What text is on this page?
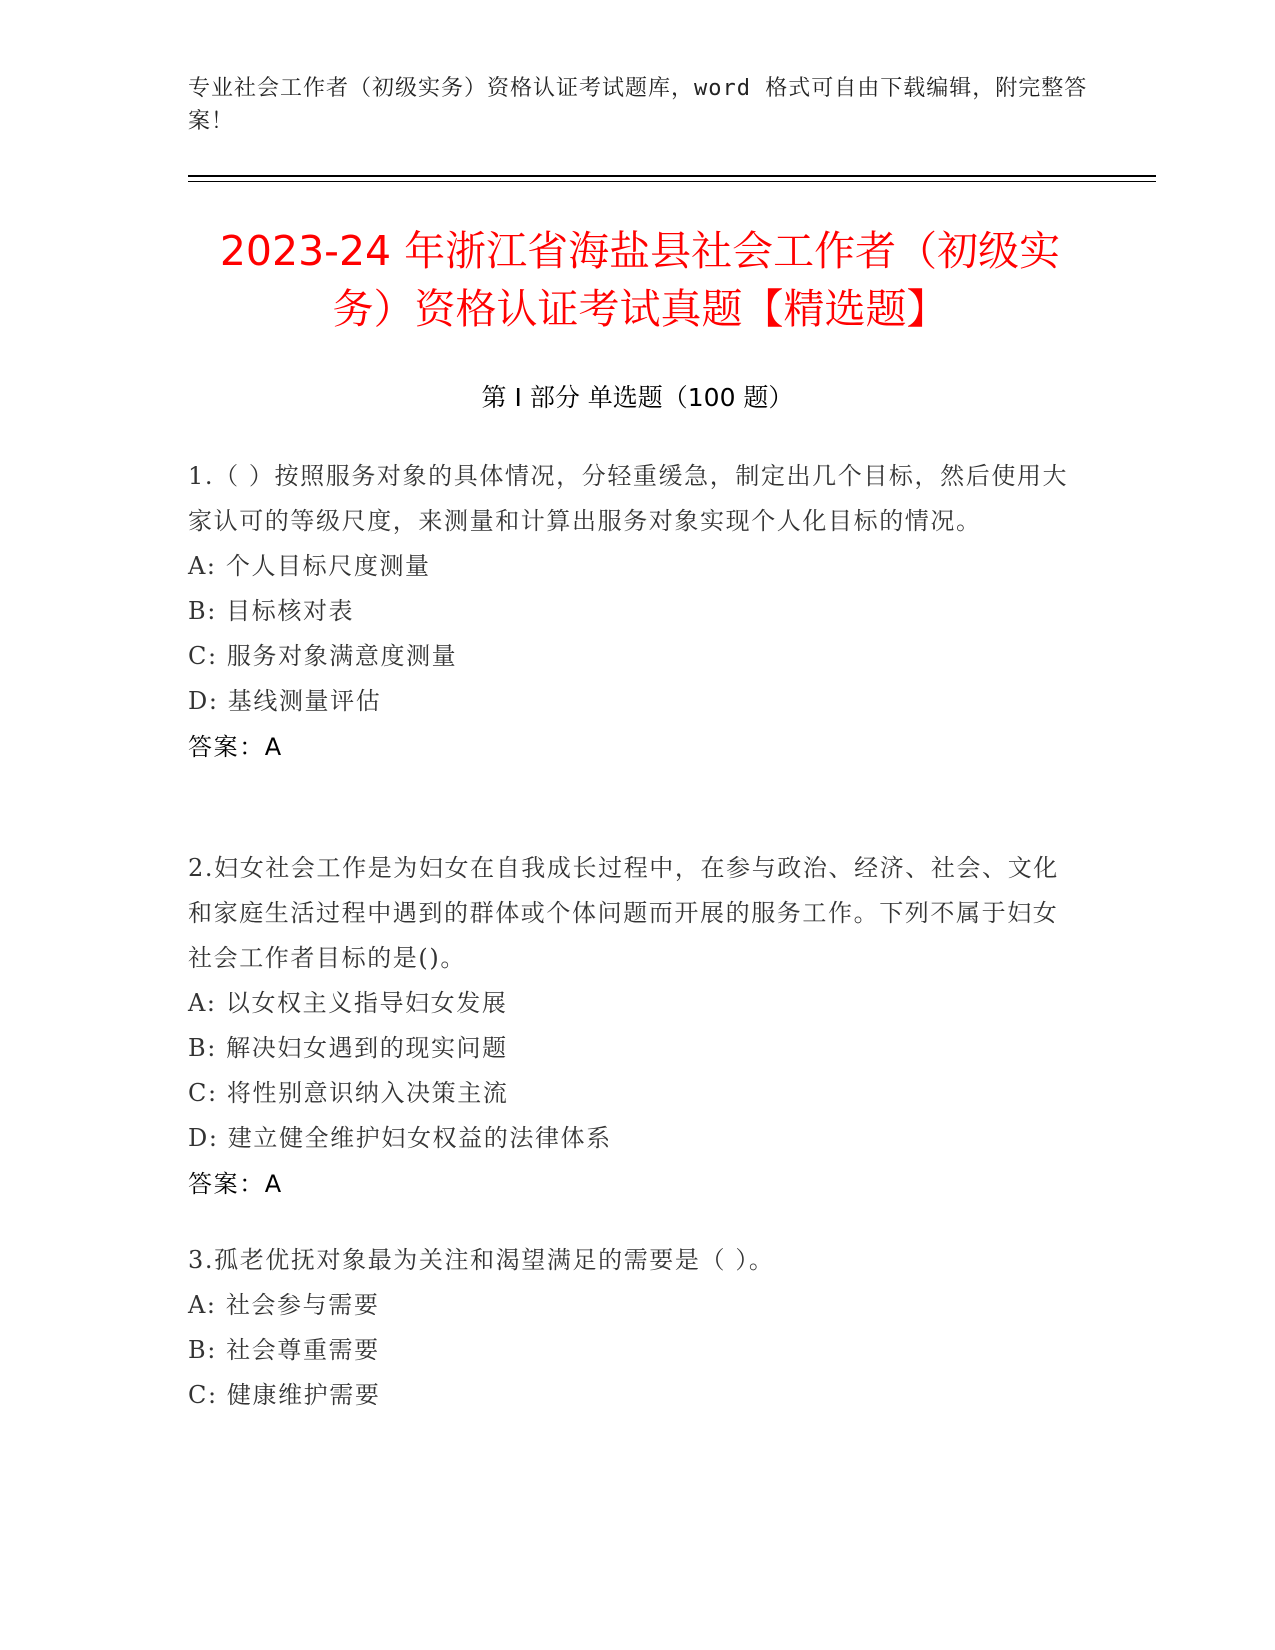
专业社会工作者（初级实务）资格认证考试题库，word 格式可自由下载编辑，附完整答案！
2023-24 年浙江省海盐县社会工作者（初级实务）资格认证考试真题【精选题】
第 I 部分 单选题（100 题）
1.（ ）按照服务对象的具体情况，分轻重缓急，制定出几个目标，然后使用大家认可的等级尺度，来测量和计算出服务对象实现个人化目标的情况。
A: 个人目标尺度测量
B: 目标核对表
C: 服务对象满意度测量
D: 基线测量评估
答案：A
2.妇女社会工作是为妇女在自我成长过程中，在参与政治、经济、社会、文化和家庭生活过程中遇到的群体或个体问题而开展的服务工作。下列不属于妇女社会工作者目标的是()。
A: 以女权主义指导妇女发展
B: 解决妇女遇到的现实问题
C: 将性别意识纳入决策主流
D: 建立健全维护妇女权益的法律体系
答案：A
3.孤老优抚对象最为关注和渴望满足的需要是（ ）。
A: 社会参与需要
B: 社会尊重需要
C: 健康维护需要
